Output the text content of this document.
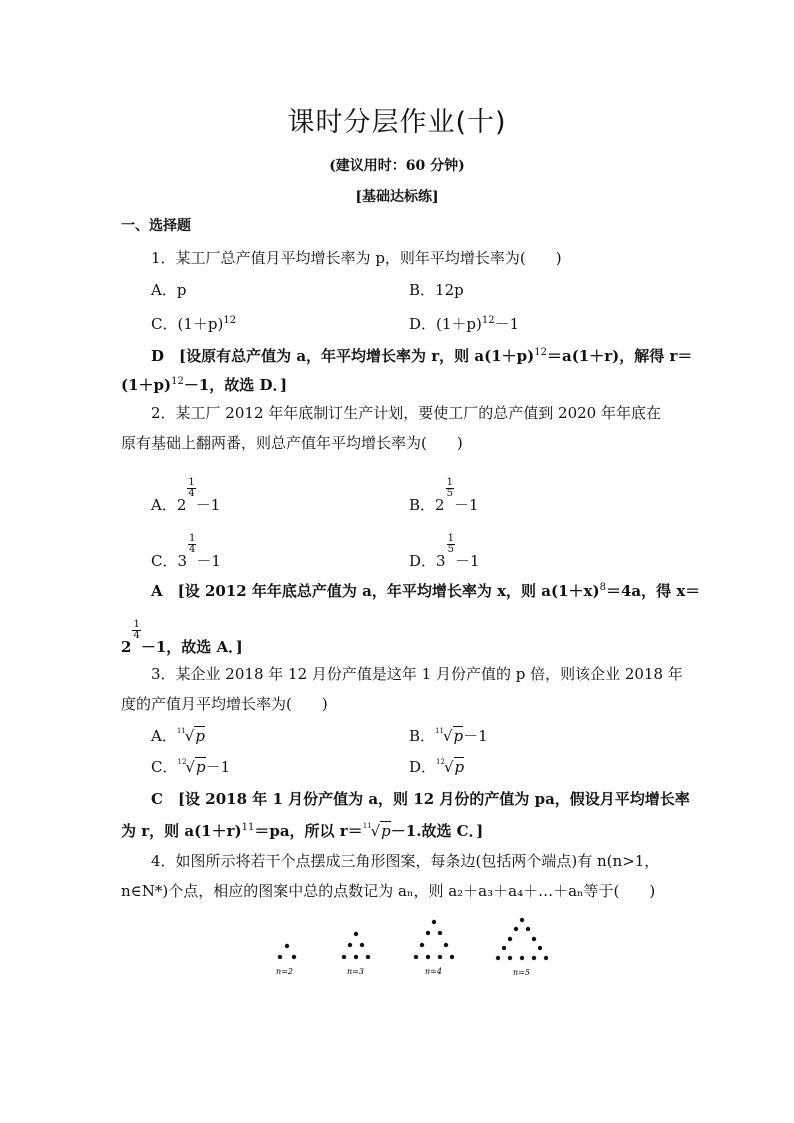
课时分层作业(十)
(建议用时：60 分钟)
[基础达标练]
一、选择题
1．某工厂总产值月平均增长率为 p，则年平均增长率为(　　)
A．p	B．12p
C．$(1+p)^{12}$	D．$(1+p)^{12}-1$
D　[设原有总产值为 a，年平均增长率为 r，则 $a(1+p)^{12}=a(1+r)$，解得 r＝
$(1+p)^{12}-1$，故选 D．]
2．某工厂 2012 年年底制订生产计划，要使工厂的总产值到 2020 年年底在
原有基础上翻两番，则总产值年平均增长率为(　　)
A．2
$\frac{1}{4}$
－1	B．2
$\frac{1}{5}$
－1
C．3
$\frac{1}{4}$
－1	D．3
$\frac{1}{5}$
－1
A　[设 2012 年年底总产值为 a，年平均增长率为 x，则 $a(1+x)^8=4a$，得 x＝
2
$\frac{1}{4}$
－1，故选 A．]
3．某企业 2018 年 12 月份产值是这年 1 月份产值的 p 倍，则该企业 2018 年
度的产值月平均增长率为(　　)
A．$^{11}$√p	B．$^{11}$√p－1
C．$^{12}$√p－1	D．$^{12}$√p
C　[设 2018 年 1 月份产值为 a，则 12 月份的产值为 pa，假设月平均增长率
为 r，则 $a(1+r)^{11}=pa$，所以 r＝$^{11}$√p－1.故选 C．]
4．如图所示将若干个点摆成三角形图案，每条边(包括两个端点)有 n(n>1，
n∈N*)个点，相应的图案中总的点数记为 aₙ，则 a₂＋a₃＋a₄＋…＋aₙ等于(　　)
n=2	n=3	n=4	n=5
